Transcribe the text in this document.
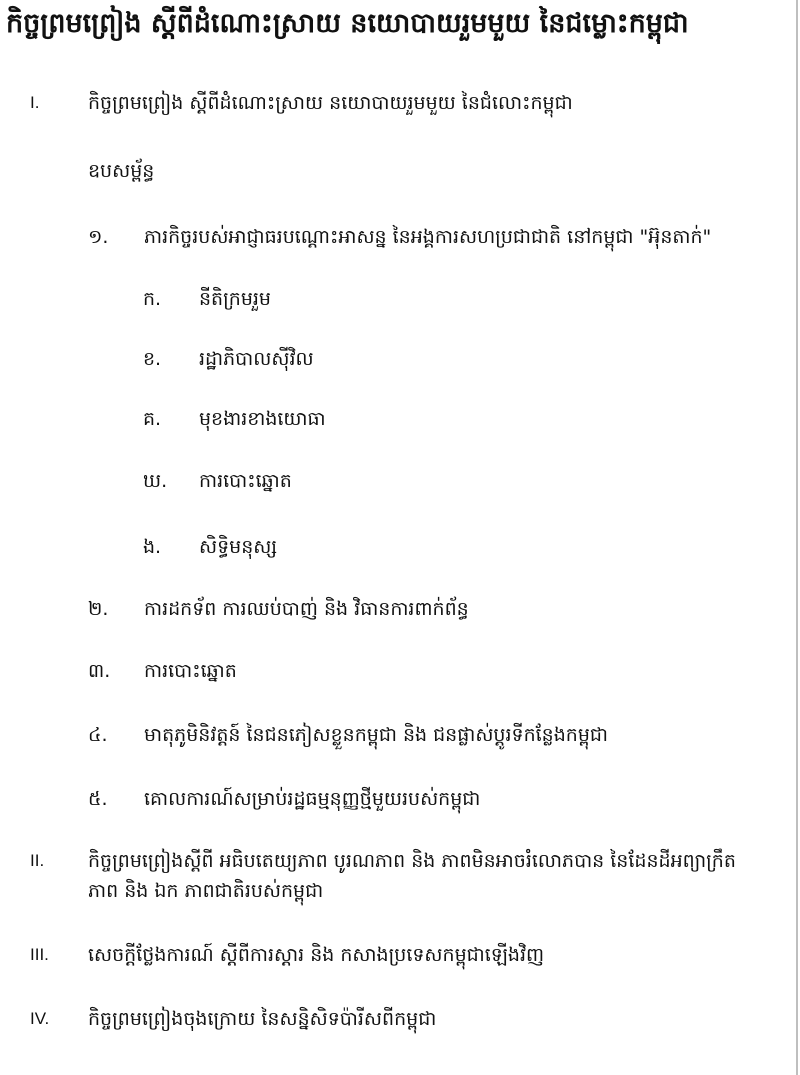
កិច្ចព្រមព្រៀង ស្តីពីដំណោះស្រាយ នយោបាយរួមមួយ នៃជម្លោះកម្ពុជា
I.	កិច្ចព្រមព្រៀង ស្តីពីដំណោះស្រាយ នយោបាយរួមមួយ នៃជំលោះកម្ពុជា
ឧបសម្ព័ន្ធ
១. ភារកិច្ចរបស់អាជ្ញាធរបណ្តោះអាសន្ន នៃអង្គការសហប្រជាជាតិ នៅកម្ពុជា "អ៊ុនតាក់"
ក. នីតិក្រមរួម
ខ. រដ្ឋាភិបាលស៊ីវិល
គ. មុខងារខាងយោធា
ឃ. ការបោះឆ្នោត
ង. សិទ្ធិមនុស្ស
២. ការដកទ័ព ការឈប់បាញ់ និង វិធានការពាក់ព័ន្ធ
៣. ការបោះឆ្នោត
៤. មាតុភូមិនិវត្តន៍ នៃជនភៀសខ្លួនកម្ពុជា និង ជនផ្លាស់ប្តូរទីកន្លែងកម្ពុជា
៥. គោលការណ៍សម្រាប់រដ្ឋធម្មនុញ្ញថ្មីមួយរបស់កម្ពុជា
II. កិច្ចព្រមព្រៀងស្តីពី អធិបតេយ្យភាព បូរណភាព និង ភាពមិនអាចរំលោភបាន នៃដែនដីអព្យាក្រឹតភាព និង ឯក ភាពជាតិរបស់កម្ពុជា
III. សេចក្តីថ្លែងការណ៍ ស្តីពីការស្តារ និង កសាងប្រទេសកម្ពុជាឡើងវិញ
IV. កិច្ចព្រមព្រៀងចុងក្រោយ នៃសន្និសិទប៉ារីសពីកម្ពុជា
